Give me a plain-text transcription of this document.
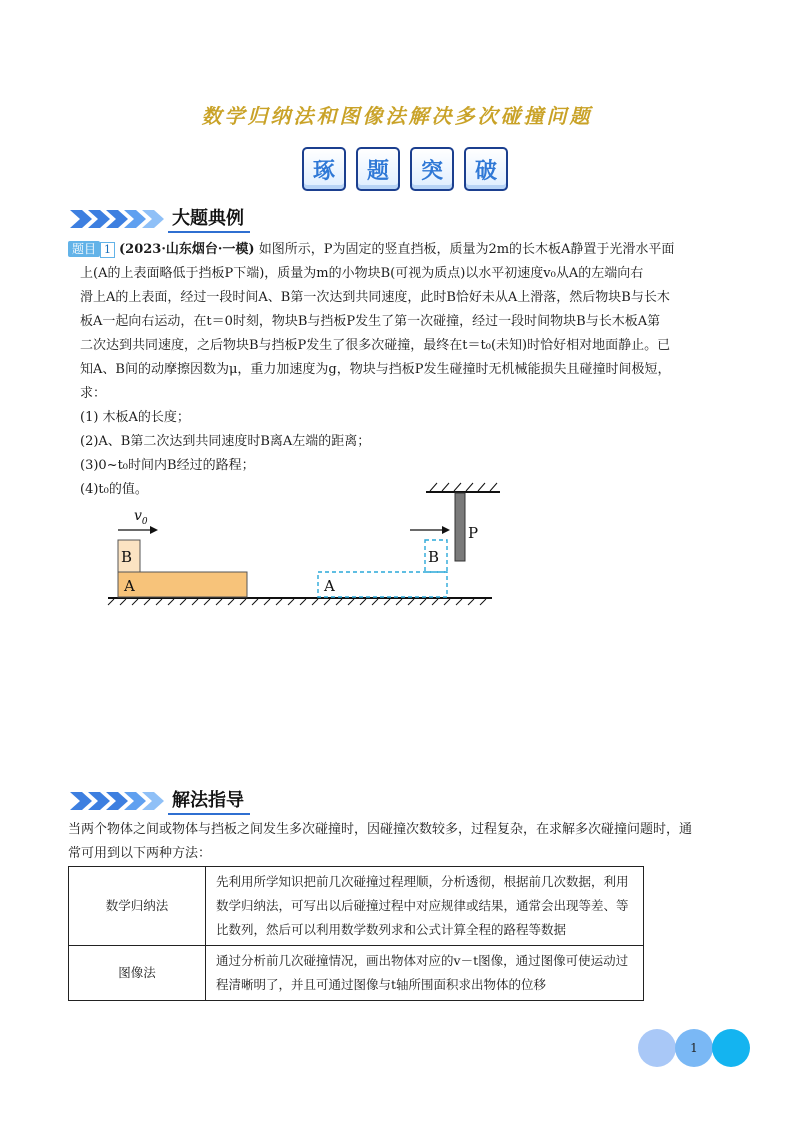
数学归纳法和图像法解决多次碰撞问题
琢	题	突	破
大题典例
题目 1 (2023·山东烟台·一模) 如图所示，P为固定的竖直挡板，质量为2m的长木板A静置于光滑水平面
上(A的上表面略低于挡板P下端)，质量为m的小物块B(可视为质点)以水平初速度v₀从A的左端向右
滑上A的上表面，经过一段时间A、B第一次达到共同速度，此时B恰好未从A上滑落，然后物块B与长木
板A一起向右运动，在t＝0时刻，物块B与挡板P发生了第一次碰撞，经过一段时间物块B与长木板A第
二次达到共同速度，之后物块B与挡板P发生了很多次碰撞，最终在t＝t₀(未知)时恰好相对地面静止。已
知A、B间的动摩擦因数为μ，重力加速度为g，物块与挡板P发生碰撞时无机械能损失且碰撞时间极短，
求：
(1) 木板A的长度；
(2)A、B第二次达到共同速度时B离A左端的距离；
(3)0~t₀时间内B经过的路程；
(4)t₀的值。
P
A
B
$v_0$
A
B
解法指导
当两个物体之间或物体与挡板之间发生多次碰撞时，因碰撞次数较多，过程复杂，在求解多次碰撞问题时，通
常可用到以下两种方法：
数学归纳法	先利用所学知识把前几次碰撞过程理顺，分析透彻，根据前几次数据，利用
数学归纳法，可写出以后碰撞过程中对应规律或结果，通常会出现等差、等
比数列，然后可以利用数学数列求和公式计算全程的路程等数据

图像法	通过分析前几次碰撞情况，画出物体对应的v－t图像，通过图像可使运动过
程清晰明了，并且可通过图像与t轴所围面积求出物体的位移
1
